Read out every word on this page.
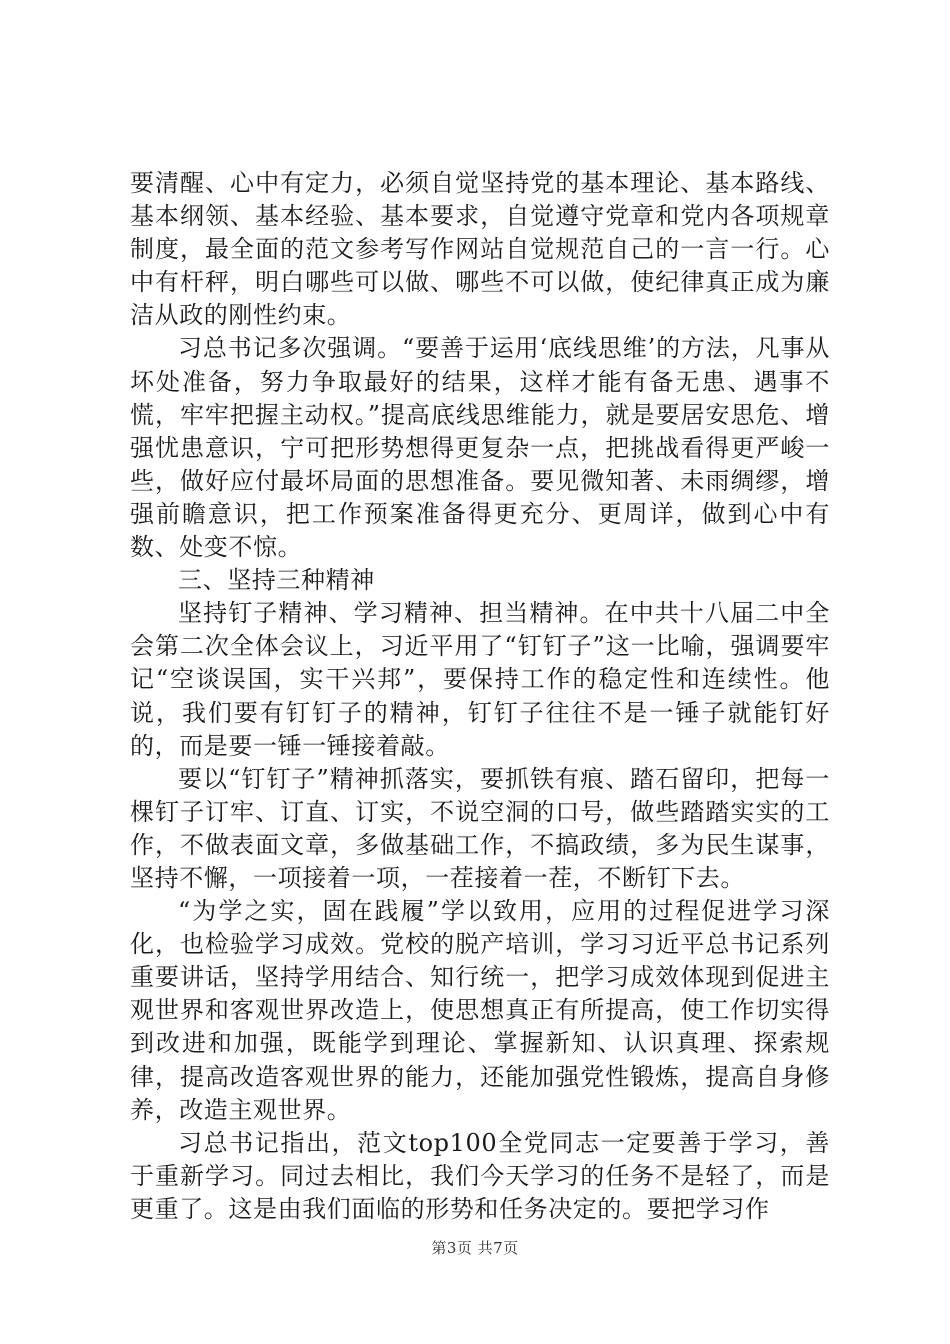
要清醒、心中有定力，必须自觉坚持党的基本理论、基本路线、基本纲领、基本经验、基本要求，自觉遵守党章和党内各项规章制度，最全面的范文参考写作网站自觉规范自己的一言一行。心中有杆秤，明白哪些可以做、哪些不可以做，使纪律真正成为廉洁从政的刚性约束。

习总书记多次强调。“要善于运用‘底线思维’的方法，凡事从坏处准备，努力争取最好的结果，这样才能有备无患、遇事不慌，牢牢把握主动权。”提高底线思维能力，就是要居安思危、增强忧患意识，宁可把形势想得更复杂一点，把挑战看得更严峻一些，做好应付最坏局面的思想准备。要见微知著、未雨绸缪，增强前瞻意识，把工作预案准备得更充分、更周详，做到心中有数、处变不惊。

三、坚持三种精神

坚持钉子精神、学习精神、担当精神。在中共十八届二中全会第二次全体会议上，习近平用了“钉钉子”这一比喻，强调要牢记“空谈误国，实干兴邦”，要保持工作的稳定性和连续性。他说，我们要有钉钉子的精神，钉钉子往往不是一锤子就能钉好的，而是要一锤一锤接着敲。

要以“钉钉子”精神抓落实，要抓铁有痕、踏石留印，把每一棵钉子订牢、订直、订实，不说空洞的口号，做些踏踏实实的工作，不做表面文章，多做基础工作，不搞政绩，多为民生谋事，坚持不懈，一项接着一项，一茬接着一茬，不断钉下去。

“为学之实，固在践履”学以致用，应用的过程促进学习深化，也检验学习成效。党校的脱产培训，学习习近平总书记系列重要讲话，坚持学用结合、知行统一，把学习成效体现到促进主观世界和客观世界改造上，使思想真正有所提高，使工作切实得到改进和加强，既能学到理论、掌握新知、认识真理、探索规律，提高改造客观世界的能力，还能加强党性锻炼，提高自身修养，改造主观世界。

习总书记指出，范文top100全党同志一定要善于学习，善于重新学习。同过去相比，我们今天学习的任务不是轻了，而是更重了。这是由我们面临的形势和任务决定的。要把学习作

第3页 共7页
